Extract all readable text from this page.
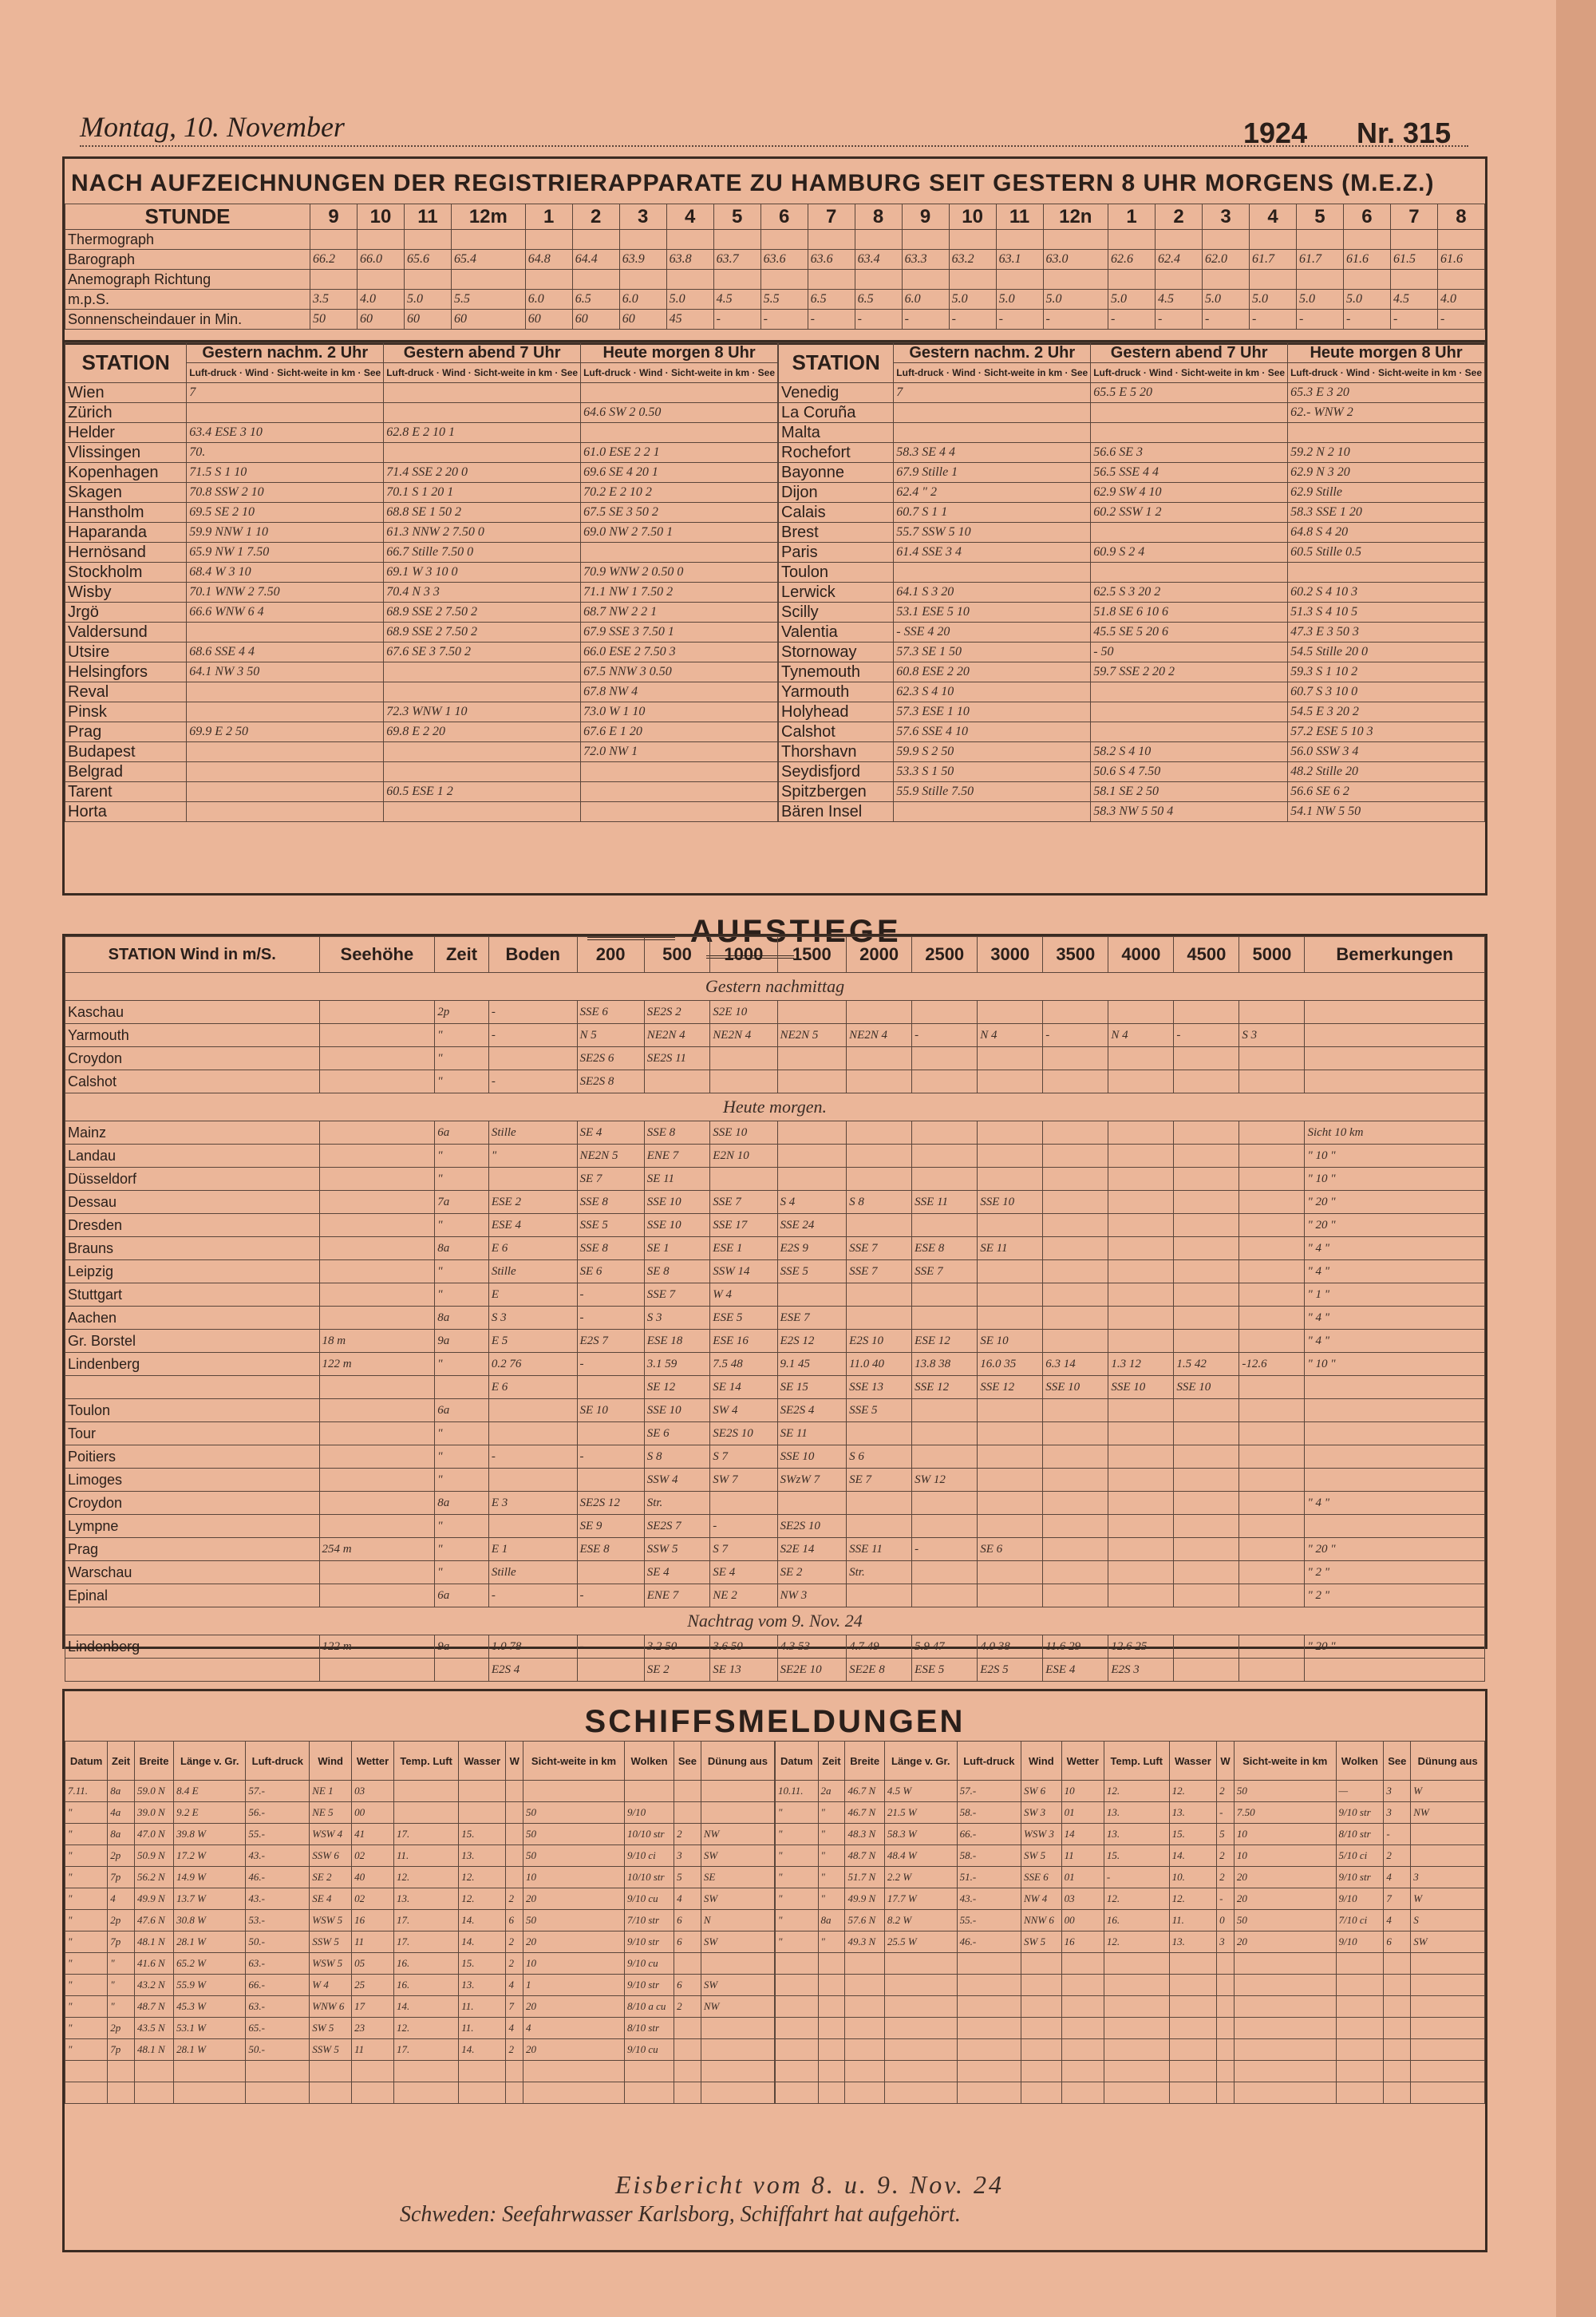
Montag, 10. November	1924 Nr. 315
NACH AUFZEICHNUNGEN DER REGISTRIERAPPARATE ZU HAMBURG SEIT GESTERN 8 UHR MORGENS (M.E.Z.)
STUNDE	9	10	11	12m	1	2	3	4	5	6	7	8	9	10	11	12n	1	2	3	4	5	6	7	8
Thermograph																								
Barograph	66.2	66.0	65.6	65.4	64.8	64.4	63.9	63.8	63.7	63.6	63.6	63.4	63.3	63.2	63.1	63.0	62.6	62.4	62.0	61.7	61.7	61.6	61.5	61.6
Anemograph Richtung																								
m.p.S.	3.5	4.0	5.0	5.5	6.0	6.5	6.0	5.0	4.5	5.5	6.5	6.5	6.0	5.0	5.0	5.0	5.0	4.5	5.0	5.0	5.0	5.0	4.5	4.0
Sonnenscheindauer in Min.	50	60	60	60	60	60	60	45	-	-	-	-	-	-	-	-	-	-	-	-	-	-	-	-
STATION	Gestern nachm. 2 Uhr	Gestern abend 7 Uhr	Heute morgen 8 Uhr
	Luft-druck · Wind · Sicht-weite in km · See	Luft-druck · Wind · Sicht-weite in km · See	Luft-druck · Wind · Sicht-weite in km · See
Wien	7		
Zürich			64.6 SW 2 0.50
Helder	63.4 ESE 3 10	62.8 E 2 10 1	
Vlissingen	70.		61.0 ESE 2 2 1
Kopenhagen	71.5 S 1 10	71.4 SSE 2 20 0	69.6 SE 4 20 1
Skagen	70.8 SSW 2 10	70.1 S 1 20 1	70.2 E 2 10 2
Hanstholm	69.5 SE 2 10	68.8 SE 1 50 2	67.5 SE 3 50 2
Haparanda	59.9 NNW 1 10	61.3 NNW 2 7.50 0	69.0 NW 2 7.50 1
Hernösand	65.9 NW 1 7.50	66.7 Stille 7.50 0	
Stockholm	68.4 W 3 10	69.1 W 3 10 0	70.9 WNW 2 0.50 0
Wisby	70.1 WNW 2 7.50	70.4 N 3 3	71.1 NW 1 7.50 2
Jrgö	66.6 WNW 6 4	68.9 SSE 2 7.50 2	68.7 NW 2 2 1
Valdersund		68.9 SSE 2 7.50 2	67.9 SSE 3 7.50 1
Utsire	68.6 SSE 4 4	67.6 SE 3 7.50 2	66.0 ESE 2 7.50 3
Helsingfors	64.1 NW 3 50		67.5 NNW 3 0.50
Reval			67.8 NW 4
Pinsk		72.3 WNW 1 10	73.0 W 1 10
Prag	69.9 E 2 50	69.8 E 2 20	67.6 E 1 20
Budapest			72.0 NW 1
Belgrad			
Tarent		60.5 ESE 1 2	
Horta			
STATION	Gestern nachm. 2 Uhr	Gestern abend 7 Uhr	Heute morgen 8 Uhr
	Luft-druck · Wind · Sicht-weite in km · See	Luft-druck · Wind · Sicht-weite in km · See	Luft-druck · Wind · Sicht-weite in km · See
Venedig	7	65.5 E 5 20	65.3 E 3 20
La Coruña			62.- WNW 2
Malta			
Rochefort	58.3 SE 4 4	56.6 SE 3	59.2 N 2 10
Bayonne	67.9 Stille 1	56.5 SSE 4 4	62.9 N 3 20
Dijon	62.4 " 2	62.9 SW 4 10	62.9 Stille
Calais	60.7 S 1 1	60.2 SSW 1 2	58.3 SSE 1 20
Brest	55.7 SSW 5 10		64.8 S 4 20
Paris	61.4 SSE 3 4	60.9 S 2 4	60.5 Stille 0.5
Toulon			
Lerwick	64.1 S 3 20	62.5 S 3 20 2	60.2 S 4 10 3
Scilly	53.1 ESE 5 10	51.8 SE 6 10 6	51.3 S 4 10 5
Valentia	- SSE 4 20	45.5 SE 5 20 6	47.3 E 3 50 3
Stornoway	57.3 SE 1 50	- 50	54.5 Stille 20 0
Tynemouth	60.8 ESE 2 20	59.7 SSE 2 20 2	59.3 S 1 10 2
Yarmouth	62.3 S 4 10		60.7 S 3 10 0
Holyhead	57.3 ESE 1 10		54.5 E 3 20 2
Calshot	57.6 SSE 4 10		57.2 ESE 5 10 3
Thorshavn	59.9 S 2 50	58.2 S 4 10	56.0 SSW 3 4
Seydisfjord	53.3 S 1 50	50.6 S 4 7.50	48.2 Stille 20
Spitzbergen	55.9 Stille 7.50	58.1 SE 2 50	56.6 SE 6 2
Bären Insel		58.3 NW 5 50 4	54.1 NW 5 50
AUFSTIEGE
STATION Wind in m/S.	Seehöhe	Zeit	Boden	200	500	1000	1500	2000	2500	3000	3500	4000	4500	5000	Bemerkungen
Gestern nachmittag															
Kaschau		2p	-	SSE 6	SE2S 2	S2E 10									
Yarmouth		"	-	N 5	NE2N 4	NE2N 4	NE2N 5	NE2N 4	-	N 4	-	N 4	-	S 3	
Croydon		"		SE2S 6	SE2S 11										
Calshot		"	-	SE2S 8											
Heute morgen.															
Mainz		6a	Stille	SE 4	SSE 8	SSE 10									Sicht 10 km
Landau		"	"	NE2N 5	ENE 7	E2N 10									" 10 "
Düsseldorf		"		SE 7	SE 11										" 10 "
Dessau		7a	ESE 2	SSE 8	SSE 10	SSE 7	S 4	S 8	SSE 11	SSE 10					" 20 "
Dresden		"	ESE 4	SSE 5	SSE 10	SSE 17	SSE 24								" 20 "
Brauns		8a	E 6	SSE 8	SE 1	ESE 1	E2S 9	SSE 7	ESE 8	SE 11					" 4 "
Leipzig		"	Stille	SE 6	SE 8	SSW 14	SSE 5	SSE 7	SSE 7						" 4 "
Stuttgart		"	E	-	SSE 7	W 4									" 1 "
Aachen		8a	S 3	-	S 3	ESE 5	ESE 7								" 4 "
Gr. Borstel	18 m	9a	E 5	E2S 7	ESE 18	ESE 16	E2S 12	E2S 10	ESE 12	SE 10					" 4 "
Lindenberg	122 m	"	0.2 76	-	3.1 59	7.5 48	9.1 45	11.0 40	13.8 38	16.0 35	6.3 14	1.3 12	1.5 42	-12.6	" 10 "
			E 6		SE 12	SE 14	SE 15	SSE 13	SSE 12	SSE 12	SSE 10	SSE 10	SSE 10		
Toulon		6a		SE 10	SSE 10	SW 4	SE2S 4	SSE 5							
Tour		"			SE 6	SE2S 10	SE 11								
Poitiers		"	-	-	S 8	S 7	SSE 10	S 6							
Limoges		"			SSW 4	SW 7	SWzW 7	SE 7	SW 12						
Croydon		8a	E 3	SE2S 12	Str.										" 4 "
Lympne		"		SE 9	SE2S 7	-	SE2S 10								
Prag	254 m	"	E 1	ESE 8	SSW 5	S 7	S2E 14	SSE 11	-	SE 6					" 20 "
Warschau		"	Stille		SE 4	SE 4	SE 2	Str.							" 2 "
Epinal		6a	-	-	ENE 7	NE 2	NW 3								" 2 "
Nachtrag vom 9. Nov. 24															
Lindenberg	122 m	9a	1.0 78	-	3.2 50	3.6 50	4.3 53	4.7 49	5.9 47	4.0 38	11.6 29	12.6 25			" 20 "
			E2S 4		SE 2	SE 13	SE2E 10	SE2E 8	ESE 5	E2S 5	ESE 4	E2S 3			
SCHIFFSMELDUNGEN
Datum	Zeit	Breite	Länge v. Gr.	Luft-druck	Wind	Wetter	Temp. Luft	Wasser	W	Sicht-weite in km	Wolken	See	Dünung aus
7.11.	8a	59.0 N	8.4 E	57.-	NE 1	03							
"	4a	39.0 N	9.2 E	56.-	NE 5	00				50	9/10		
"	8a	47.0 N	39.8 W	55.-	WSW 4	41	17.	15.		50	10/10 str	2	NW
"	2p	50.9 N	17.2 W	43.-	SSW 6	02	11.	13.		50	9/10 ci	3	SW
"	7p	56.2 N	14.9 W	46.-	SE 2	40	12.	12.		10	10/10 str	5	SE
"	4	49.9 N	13.7 W	43.-	SE 4	02	13.	12.	2	20	9/10 cu	4	SW
"	2p	47.6 N	30.8 W	53.-	WSW 5	16	17.	14.	6	50	7/10 str	6	N
"	7p	48.1 N	28.1 W	50.-	SSW 5	11	17.	14.	2	20	9/10 str	6	SW
"	"	41.6 N	65.2 W	63.-	WSW 5	05	16.	15.	2	10	9/10 cu		
"	"	43.2 N	55.9 W	66.-	W 4	25	16.	13.	4	1	9/10 str	6	SW
"	"	48.7 N	45.3 W	63.-	WNW 6	17	14.	11.	7	20	8/10 a cu	2	NW
"	2p	43.5 N	53.1 W	65.-	SW 5	23	12.	11.	4	4	8/10 str		
"	7p	48.1 N	28.1 W	50.-	SSW 5	11	17.	14.	2	20	9/10 cu		

Datum	Zeit	Breite	Länge v. Gr.	Luft-druck	Wind	Wetter	Temp. Luft	Wasser	W	Sicht-weite in km	Wolken	See	Dünung aus
10.11.	2a	46.7 N	4.5 W	57.-	SW 6	10	12.	12.	2	50	—	3	W
"	"	46.7 N	21.5 W	58.-	SW 3	01	13.	13.	-	7.50	9/10 str	3	NW
"	"	48.3 N	58.3 W	66.-	WSW 3	14	13.	15.	5	10	8/10 str	-	
"	"	48.7 N	48.4 W	58.-	SW 5	11	15.	14.	2	10	5/10 ci	2	
"	"	51.7 N	2.2 W	51.-	SSE 6	01	-	10.	2	20	9/10 str	4	3
"	"	49.9 N	17.7 W	43.-	NW 4	03	12.	12.	-	20	9/10	7	W
"	8a	57.6 N	8.2 W	55.-	NNW 6	00	16.	11.	0	50	7/10 ci	4	S
"	"	49.3 N	25.5 W	46.-	SW 5	16	12.	13.	3	20	9/10	6	SW

Eisbericht vom 8. u. 9. Nov. 24
Schweden: Seefahrwasser Karlsborg, Schiffahrt hat aufgehört.
